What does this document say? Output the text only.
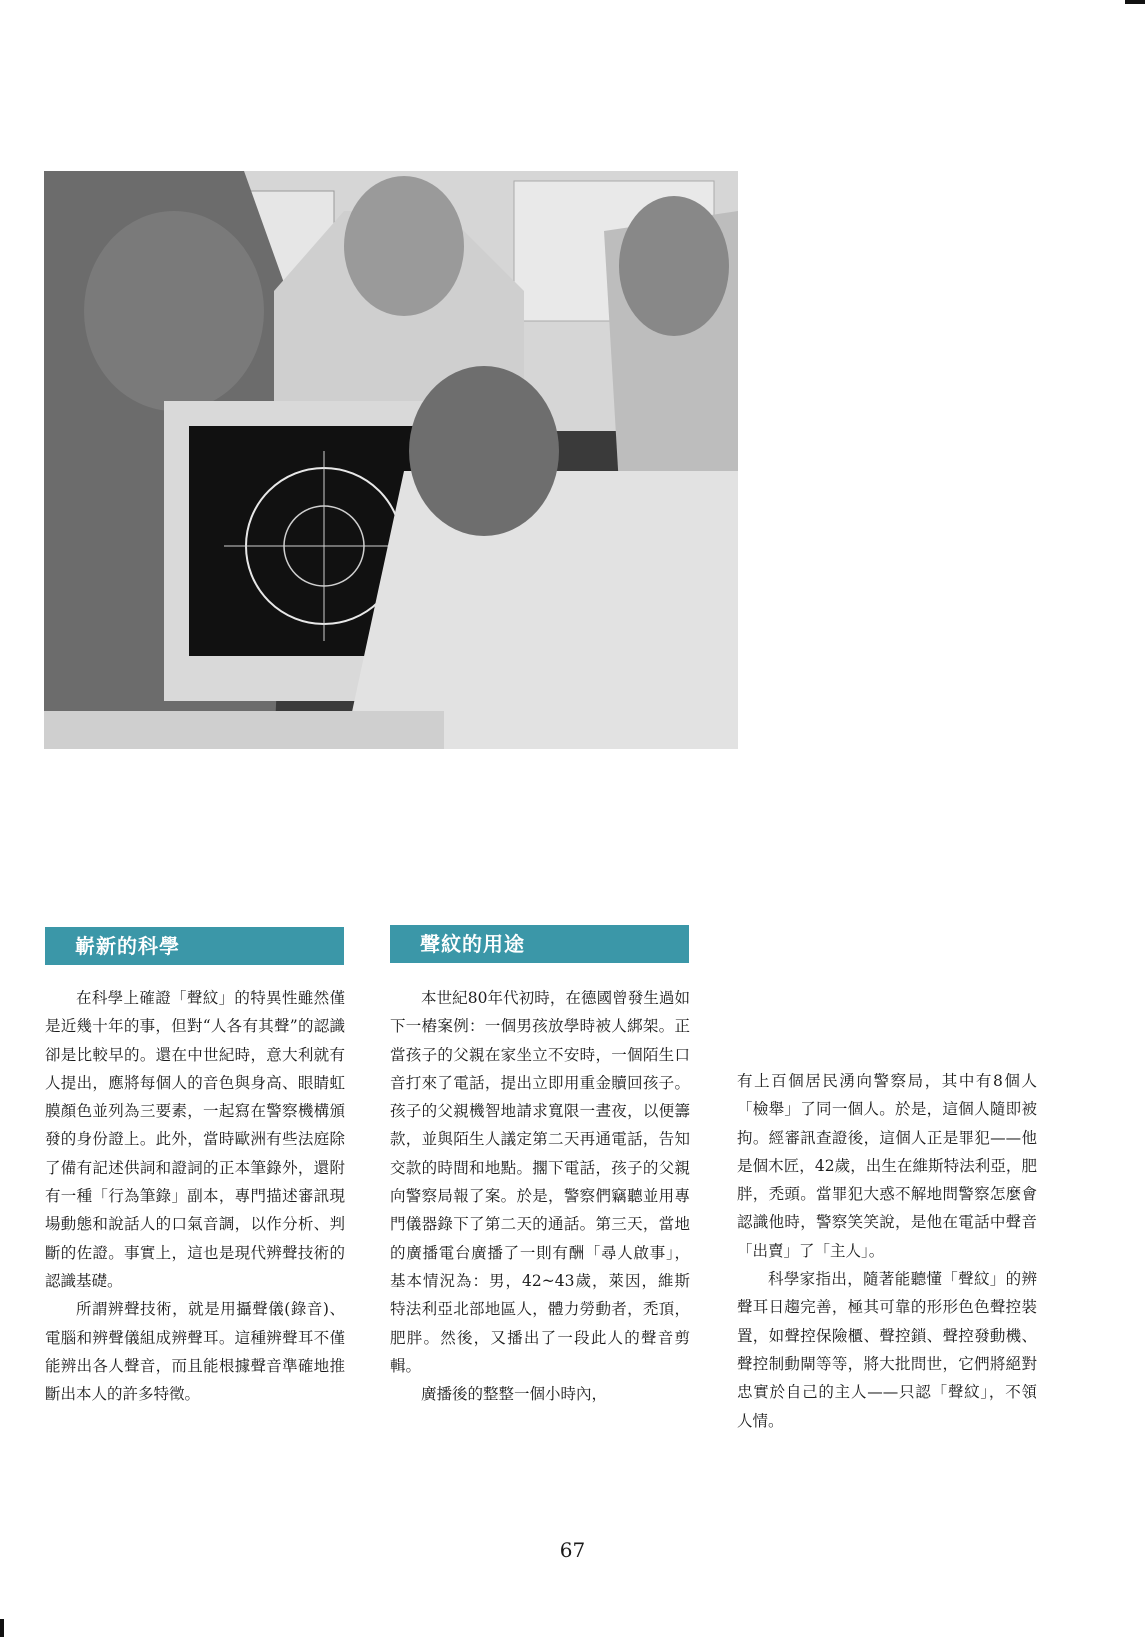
嶄新的科學	聲紋的用途

在科學上確證「聲紋」的特異性雖然僅是近幾十年的事，但對“人各有其聲”的認識卻是比較早的。還在中世紀時，意大利就有人提出，應將每個人的音色與身高、眼睛虹膜顏色並列為三要素，一起寫在警察機構頒發的身份證上。此外，當時歐洲有些法庭除了備有記述供詞和證詞的正本筆錄外，還附有一種「行為筆錄」副本，專門描述審訊現場動態和說話人的口氣音調，以作分析、判斷的佐證。事實上，這也是現代辨聲技術的認識基礎。

所謂辨聲技術，就是用攝聲儀(錄音)、電腦和辨聲儀組成辨聲耳。這種辨聲耳不僅能辨出各人聲音，而且能根據聲音準確地推斷出本人的許多特徵。

本世紀80年代初時，在德國曾發生過如下一樁案例：一個男孩放學時被人綁架。正當孩子的父親在家坐立不安時，一個陌生口音打來了電話，提出立即用重金贖回孩子。孩子的父親機智地請求寬限一晝夜，以便籌款，並與陌生人議定第二天再通電話，告知交款的時間和地點。擱下電話，孩子的父親向警察局報了案。於是，警察們竊聽並用專門儀器錄下了第二天的通話。第三天，當地的廣播電台廣播了一則有酬「尋人啟事」，基本情況為：男，42~43歲，萊因，維斯特法利亞北部地區人，體力勞動者，禿頂，肥胖。然後，又播出了一段此人的聲音剪輯。

廣播後的整整一個小時內，

有上百個居民湧向警察局，其中有8個人「檢舉」了同一個人。於是，這個人隨即被拘。經審訊查證後，這個人正是罪犯——他是個木匠，42歲，出生在維斯特法利亞，肥胖，禿頭。當罪犯大惑不解地問警察怎麼會認識他時，警察笑笑說，是他在電話中聲音「出賣」了「主人」。

科學家指出，隨著能聽懂「聲紋」的辨聲耳日趨完善，極其可靠的形形色色聲控裝置，如聲控保險櫃、聲控鎖、聲控發動機、聲控制動閘等等，將大批問世，它們將絕對忠實於自己的主人——只認「聲紋」，不領人情。

67
